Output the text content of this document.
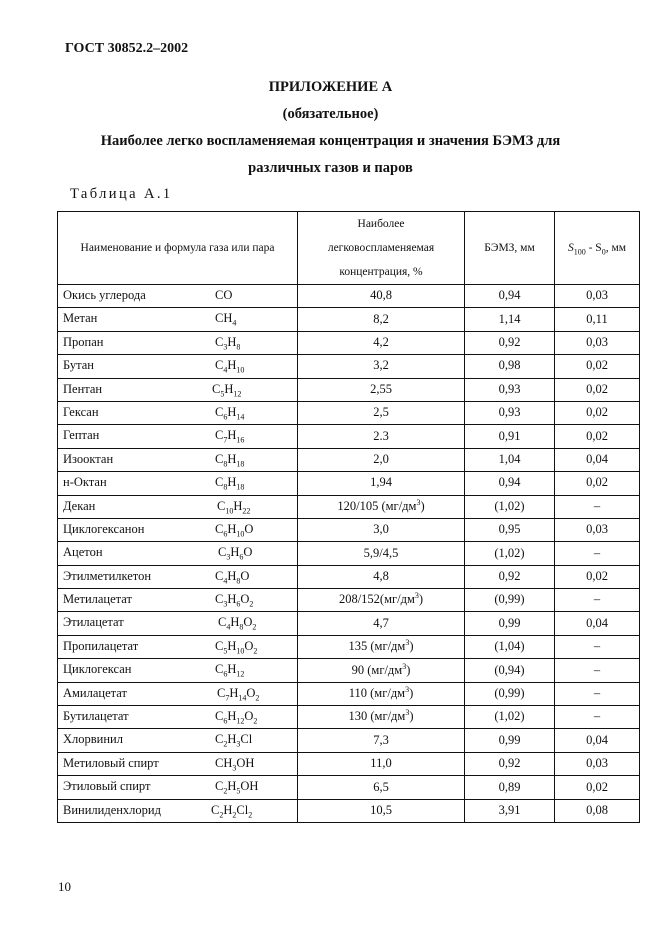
ГОСТ 30852.2–2002
ПРИЛОЖЕНИЕ А
(обязательное)
Наиболее легко воспламеняемая концентрация и значения БЭМЗ для
различных газов и паров
Таблица А.1
Наименование и формула газа или пара	Наиболее
легковоспламеняемая
концентрация, %	БЭМЗ, мм	$S_{100} - S_0$, мм

Окись углерода CO	40,8	0,94	0,03

Метан $CH_4$	8,2	1,14	0,11

Пропан $C_3H_8$	4,2	0,92	0,03

Бутан $C_4H_{10}$	3,2	0,98	0,02

Пентан $C_5H_{12}$	2,55	0,93	0,02

Гексан $C_6H_{14}$	2,5	0,93	0,02

Гептан $C_7H_{16}$	2.3	0,91	0,02

Изооктан $C_8H_{18}$	2,0	1,04	0,04

н-Октан $C_8H_{18}$	1,94	0,94	0,02

Декан $C_{10}H_{22}$	120/105 $(мг/дм^3)$	(1,02)	–

Циклогексанон $C_6H_{10}O$	3,0	0,95	0,03

Ацетон $C_3H_6O$	5,9/4,5	(1,02)	–

Этилметилкетон $C_4H_8O$	4,8	0,92	0,02

Метилацетат $C_3H_6O_2$	$208/152(мг/дм^3)$	(0,99)	–

Этилацетат $C_4H_8O_2$	4,7	0,99	0,04

Пропилацетат $C_5H_{10}O_2$	135 $(мг/дм^3)$	(1,04)	–

Циклогексан $C_6H_{12}$	90 $(мг/дм^3)$	(0,94)	–

Амилацетат $C_7H_{14}O_2$	110 $(мг/дм^3)$	(0,99)	–

Бутилацетат $C_6H_{12}O_2$	130 $(мг/дм^3)$	(1,02)	–

Хлорвинил $C_2H_3Cl$	7,3	0,99	0,04

Метиловый спирт $CH_3OH$	11,0	0,92	0,03

Этиловый спирт $C_2H_5OH$	6,5	0,89	0,02

Винилиденхлорид $C_2H_2Cl_2$	10,5	3,91	0,08
10
